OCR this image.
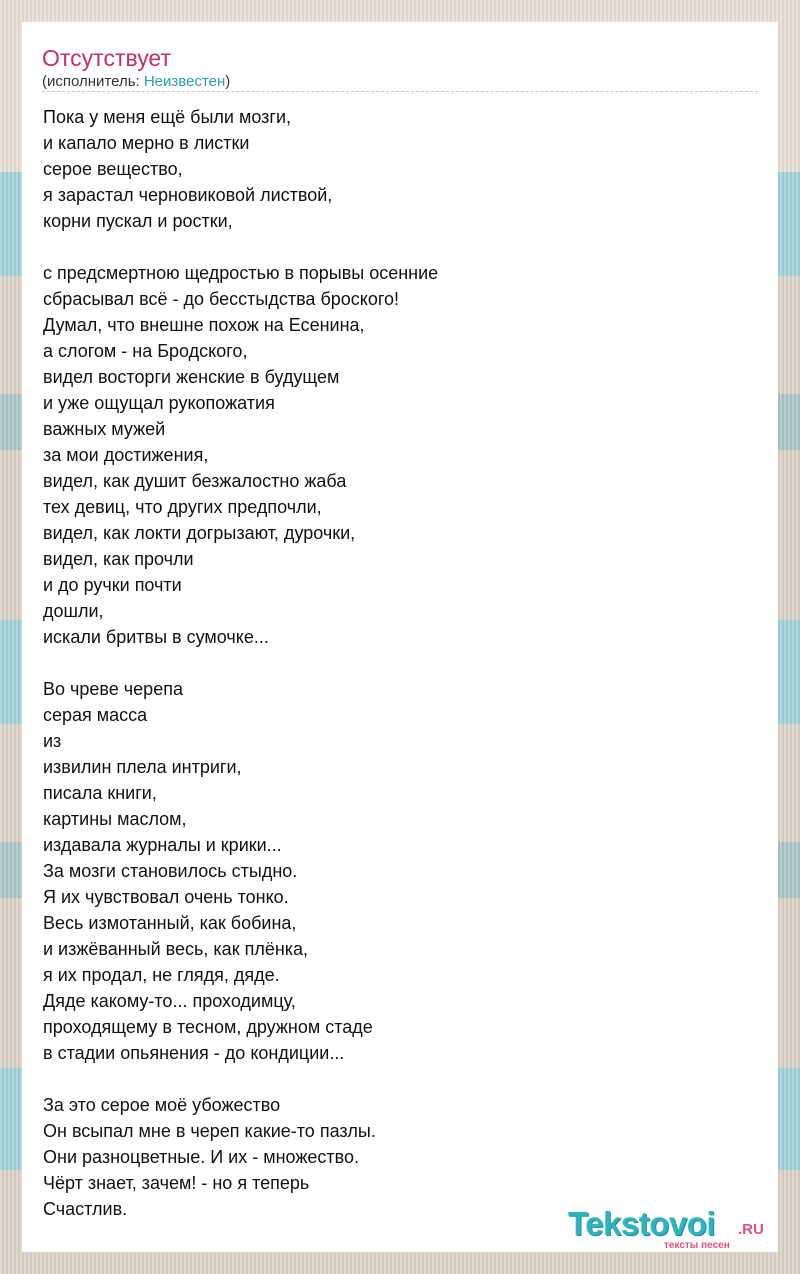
Отсутствует
(исполнитель: Неизвестен)
Пока у меня ещё были мозги,
и капало мерно в листки
серое вещество,
я зарастал черновиковой листвой,
корни пускал и ростки,
с предсмертною щедростью в порывы осенние
сбрасывал всё - до бесстыдства броского!
Думал, что внешне похож на Есенина,
а слогом - на Бродского,
видел восторги женские в будущем
и уже ощущал рукопожатия
важных мужей
за мои достижения,
видел, как душит безжалостно жаба
тех девиц, что других предпочли,
видел, как локти догрызают, дурочки,
видел, как прочли
и до ручки почти
дошли,
искали бритвы в сумочке...
Во чреве черепа
серая масса
из
извилин плела интриги,
писала книги,
картины маслом,
издавала журналы и крики...
За мозги становилось стыдно.
Я их чувствовал очень тонко.
Весь измотанный, как бобина,
и изжёванный весь, как плёнка,
я их продал, не глядя, дяде.
Дяде какому-то... проходимцу,
проходящему в тесном, дружном стаде
в стадии опьянения - до кондиции...
За это серое моё убожество
Он всыпал мне в череп какие-то пазлы.
Они разноцветные. И их - множество.
Чёрт знает, зачем! - но я теперь
Счастлив.	Tekstovoi .RU
тексты песен
